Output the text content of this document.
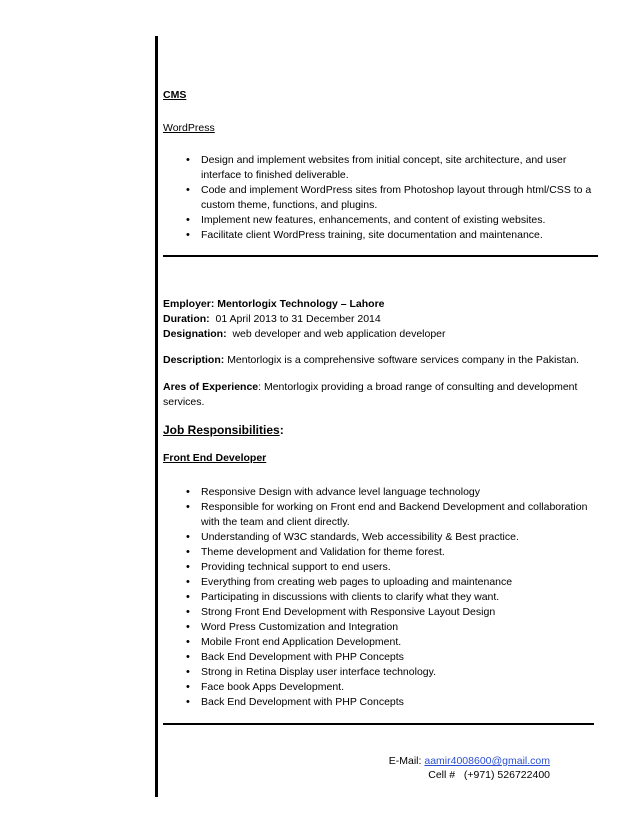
CMS
WordPress
• Design and implement websites from initial concept, site architecture, and user
interface to finished deliverable.
• Code and implement WordPress sites from Photoshop layout through html/CSS to a
custom theme, functions, and plugins.
• Implement new features, enhancements, and content of existing websites.
• Facilitate client WordPress training, site documentation and maintenance.
Employer: Mentorlogix Technology – Lahore
Duration: 01 April 2013 to 31 December 2014
Designation: web developer and web application developer
Description: Mentorlogix is a comprehensive software services company in the Pakistan.
Ares of Experience: Mentorlogix providing a broad range of consulting and development
services.
Job Responsibilities:
Front End Developer
• Responsive Design with advance level language technology
• Responsible for working on Front end and Backend Development and collaboration
with the team and client directly.
• Understanding of W3C standards, Web accessibility & Best practice.
• Theme development and Validation for theme forest.
• Providing technical support to end users.
• Everything from creating web pages to uploading and maintenance
• Participating in discussions with clients to clarify what they want.
• Strong Front End Development with Responsive Layout Design
• Word Press Customization and Integration
• Mobile Front end Application Development.
• Back End Development with PHP Concepts
• Strong in Retina Display user interface technology.
• Face book Apps Development.
• Back End Development with PHP Concepts
E-Mail: aamir4008600@gmail.com
Cell # (+971) 526722400
